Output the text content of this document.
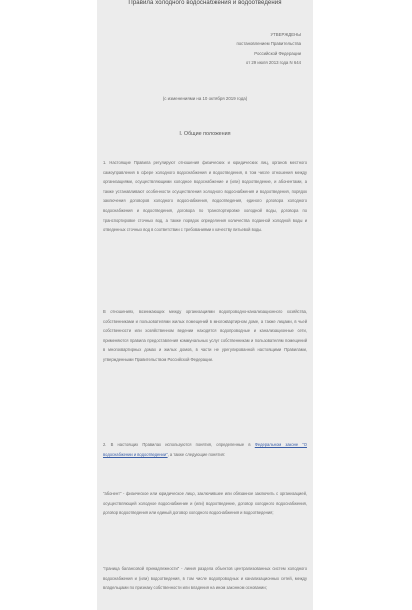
Правила холодного водоснабжения и водоотведения
УТВЕРЖДЕНЫ
постановлением Правительства
Российской Федерации
от 29 июля 2013 года N 644
(с изменениями на 10 октября 2019 года)
I. Общие положения
1. Настоящие Правила регулируют отношения физических и юридических лиц, органов местного самоуправления в сфере холодного водоснабжения и водоотведения, в том числе отношения между организациями, осуществляющими холодное водоснабжение и (или) водоотведение, и абонентами, а также устанавливают особенности осуществления холодного водоснабжения и водоотведения, порядок заключения договоров холодного водоснабжения, водоотведения, единого договора холодного водоснабжения и водоотведения, договора по транспортировке холодной воды, договора по транспортировке сточных вод, а также порядок определения количества поданной холодной воды и отведенных сточных вод в соответствии с требованиями к качеству питьевой воды.
В отношениях, возникающих между организациями водопроводно-канализационного хозяйства, собственниками и пользователями жилых помещений в многоквартирном доме, а также лицами, в чьей собственности или хозяйственном ведении находятся водопроводные и канализационные сети, применяются правила предоставления коммунальных услуг собственникам и пользователям помещений в многоквартирных домах и жилых домов, в части не урегулированной настоящими Правилами, утвержденными Правительством Российской Федерации.
2. В настоящих Правилах используются понятия, определенные в Федеральном законе "О водоснабжении и водоотведении", а также следующие понятия:
"абонент" - физическое или юридическое лицо, заключившее или обязанное заключить с организацией, осуществляющей холодное водоснабжение и (или) водоотведение, договор холодного водоснабжения, договор водоотведения или единый договор холодного водоснабжения и водоотведения;
"граница балансовой принадлежности" - линия раздела объектов централизованных систем холодного водоснабжения и (или) водоотведения, в том числе водопроводных и канализационных сетей, между владельцами по признаку собственности или владения на ином законном основании;
